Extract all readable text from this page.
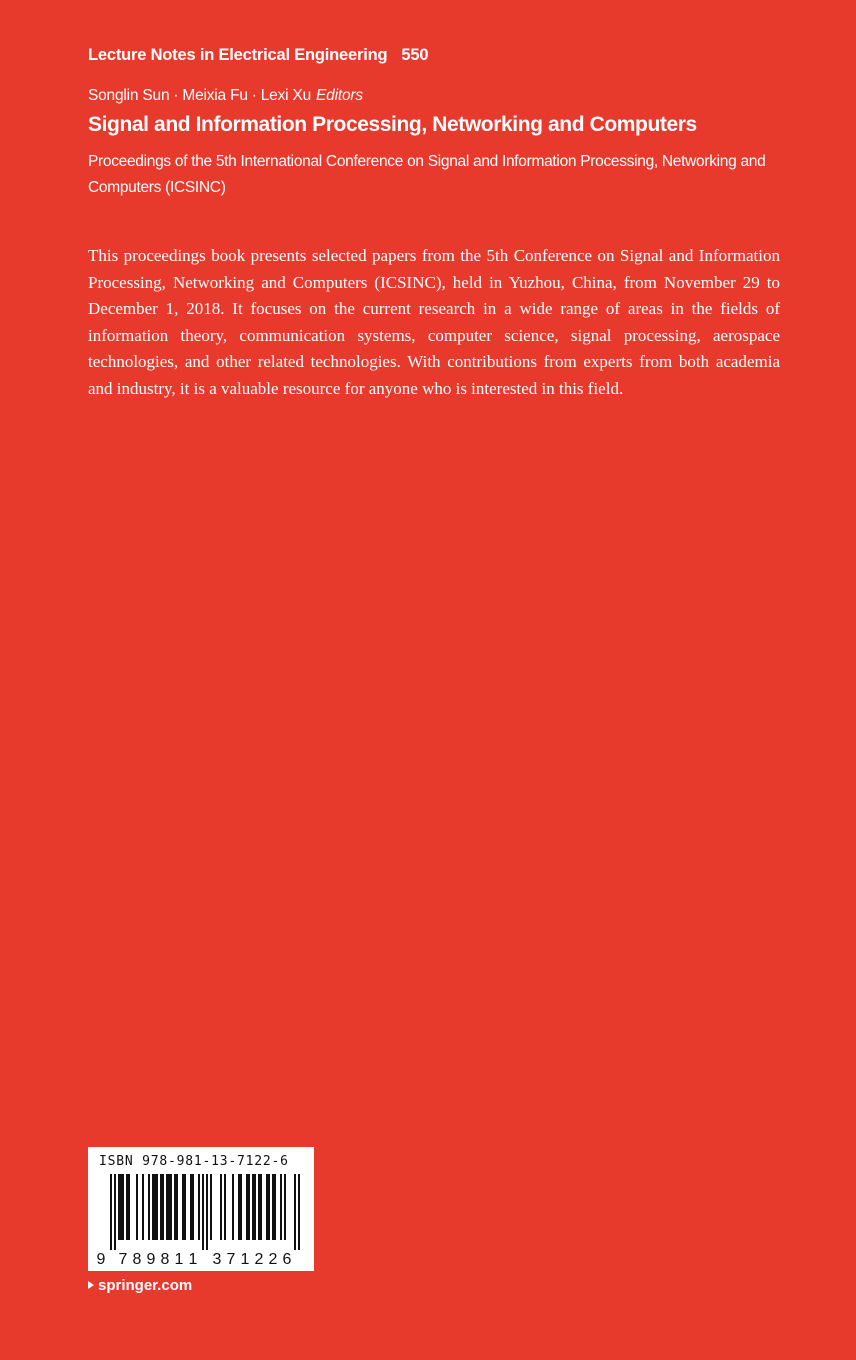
Lecture Notes in Electrical Engineering 550
Songlin Sun · Meixia Fu · Lexi Xu Editors
Signal and Information Processing, Networking and Computers
Proceedings of the 5th International Conference on Signal and Information Processing, Networking and Computers (ICSINC)
This proceedings book presents selected papers from the 5th Conference on Signal and Information Processing, Networking and Computers (ICSINC), held in Yuzhou, China, from November 29 to December 1, 2018. It focuses on the current research in a wide range of areas in the fields of information theory, communication systems, computer science, signal processing, aerospace technologies, and other related technologies. With contributions from experts from both academia and industry, it is a valuable resource for anyone who is interested in this field.
9 7 8 9 8 1 1 3 7 1 2 2 6
ISBN 978-981-13-7122-6
springer.com
